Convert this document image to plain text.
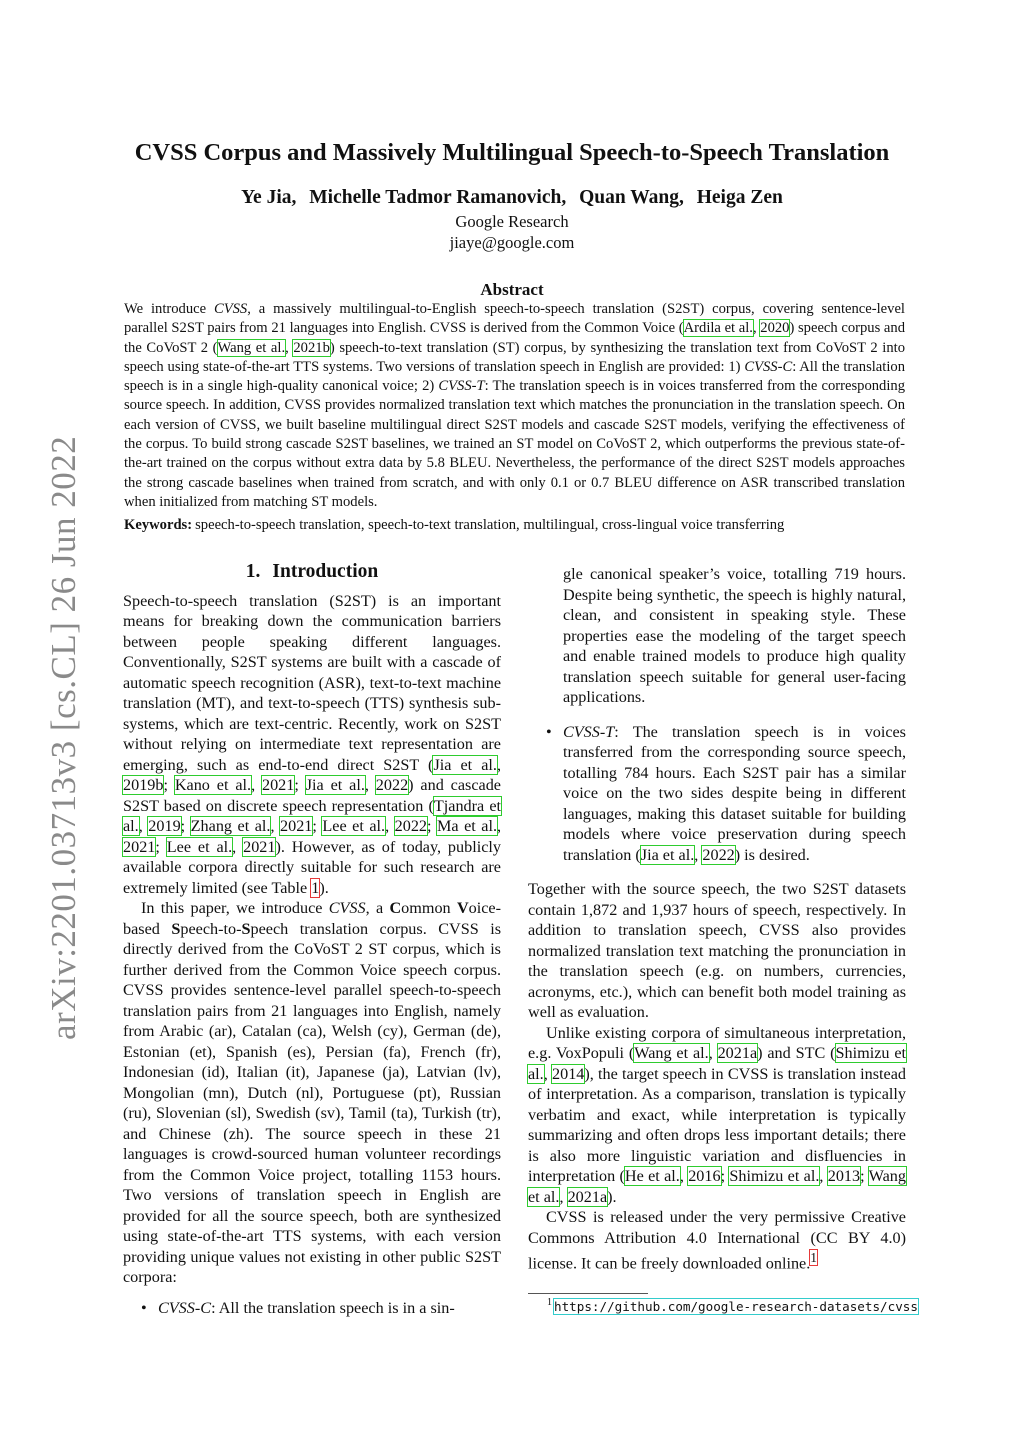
arXiv:2201.03713v3 [cs.CL] 26 Jun 2022
CVSS Corpus and Massively Multilingual Speech-to-Speech Translation
Ye Jia, Michelle Tadmor Ramanovich, Quan Wang, Heiga Zen
Google Research
jiaye@google.com
Abstract
We introduce CVSS, a massively multilingual-to-English speech-to-speech translation (S2ST) corpus, covering sentence-level parallel S2ST pairs from 21 languages into English. CVSS is derived from the Common Voice (Ardila et al., 2020) speech corpus and the CoVoST 2 (Wang et al., 2021b) speech-to-text translation (ST) corpus, by synthesizing the translation text from CoVoST 2 into speech using state-of-the-art TTS systems. Two versions of translation speech in English are provided: 1) CVSS-C: All the translation speech is in a single high-quality canonical voice; 2) CVSS-T: The translation speech is in voices transferred from the corresponding source speech. In addition, CVSS provides normalized translation text which matches the pronunciation in the translation speech. On each version of CVSS, we built baseline multilingual direct S2ST models and cascade S2ST models, verifying the effectiveness of the corpus. To build strong cascade S2ST baselines, we trained an ST model on CoVoST 2, which outperforms the previous state-of-the-art trained on the corpus without extra data by 5.8 BLEU. Nevertheless, the performance of the direct S2ST models approaches the strong cascade baselines when trained from scratch, and with only 0.1 or 0.7 BLEU difference on ASR transcribed translation when initialized from matching ST models.
Keywords: speech-to-speech translation, speech-to-text translation, multilingual, cross-lingual voice transferring
1. Introduction

Speech-to-speech translation (S2ST) is an important means for breaking down the communication barriers between people speaking different languages. Conventionally, S2ST systems are built with a cascade of automatic speech recognition (ASR), text-to-text machine translation (MT), and text-to-speech (TTS) synthesis sub-systems, which are text-centric. Recently, work on S2ST without relying on intermediate text representation are emerging, such as end-to-end direct S2ST (Jia et al., 2019b; Kano et al., 2021; Jia et al., 2022) and cascade S2ST based on discrete speech representation (Tjandra et al., 2019; Zhang et al., 2021; Lee et al., 2022; Ma et al., 2021; Lee et al., 2021). However, as of today, publicly available corpora directly suitable for such research are extremely limited (see Table 1).

In this paper, we introduce CVSS, a Common Voice-based Speech-to-Speech translation corpus. CVSS is directly derived from the CoVoST 2 ST corpus, which is further derived from the Common Voice speech corpus. CVSS provides sentence-level parallel speech-to-speech translation pairs from 21 languages into English, namely from Arabic (ar), Catalan (ca), Welsh (cy), German (de), Estonian (et), Spanish (es), Persian (fa), French (fr), Indonesian (id), Italian (it), Japanese (ja), Latvian (lv), Mongolian (mn), Dutch (nl), Portuguese (pt), Russian (ru), Slovenian (sl), Swedish (sv), Tamil (ta), Turkish (tr), and Chinese (zh). The source speech in these 21 languages is crowd-sourced human volunteer recordings from the Common Voice project, totalling 1153 hours. Two versions of translation speech in English are provided for all the source speech, both are synthesized using state-of-the-art TTS systems, with each version providing unique values not existing in other public S2ST corpora:

• CVSS-C: All the translation speech is in a sin-

gle canonical speaker’s voice, totalling 719 hours. Despite being synthetic, the speech is highly natural, clean, and consistent in speaking style. These properties ease the modeling of the target speech and enable trained models to produce high quality translation speech suitable for general user-facing applications.

• CVSS-T: The translation speech is in voices transferred from the corresponding source speech, totalling 784 hours. Each S2ST pair has a similar voice on the two sides despite being in different languages, making this dataset suitable for building models where voice preservation during speech translation (Jia et al., 2022) is desired.

Together with the source speech, the two S2ST datasets contain 1,872 and 1,937 hours of speech, respectively. In addition to translation speech, CVSS also provides normalized translation text matching the pronunciation in the translation speech (e.g. on numbers, currencies, acronyms, etc.), which can benefit both model training as well as evaluation.

Unlike existing corpora of simultaneous interpretation, e.g. VoxPopuli (Wang et al., 2021a) and STC (Shimizu et al., 2014), the target speech in CVSS is translation instead of interpretation. As a comparison, translation is typically verbatim and exact, while interpretation is typically summarizing and often drops less important details; there is also more linguistic variation and disfluencies in interpretation (He et al., 2016; Shimizu et al., 2013; Wang et al., 2021a).

CVSS is released under the very permissive Creative Commons Attribution 4.0 International (CC BY 4.0) license. It can be freely downloaded online.$^1$

$^1$ https://github.com/google-research-datasets/cvss
